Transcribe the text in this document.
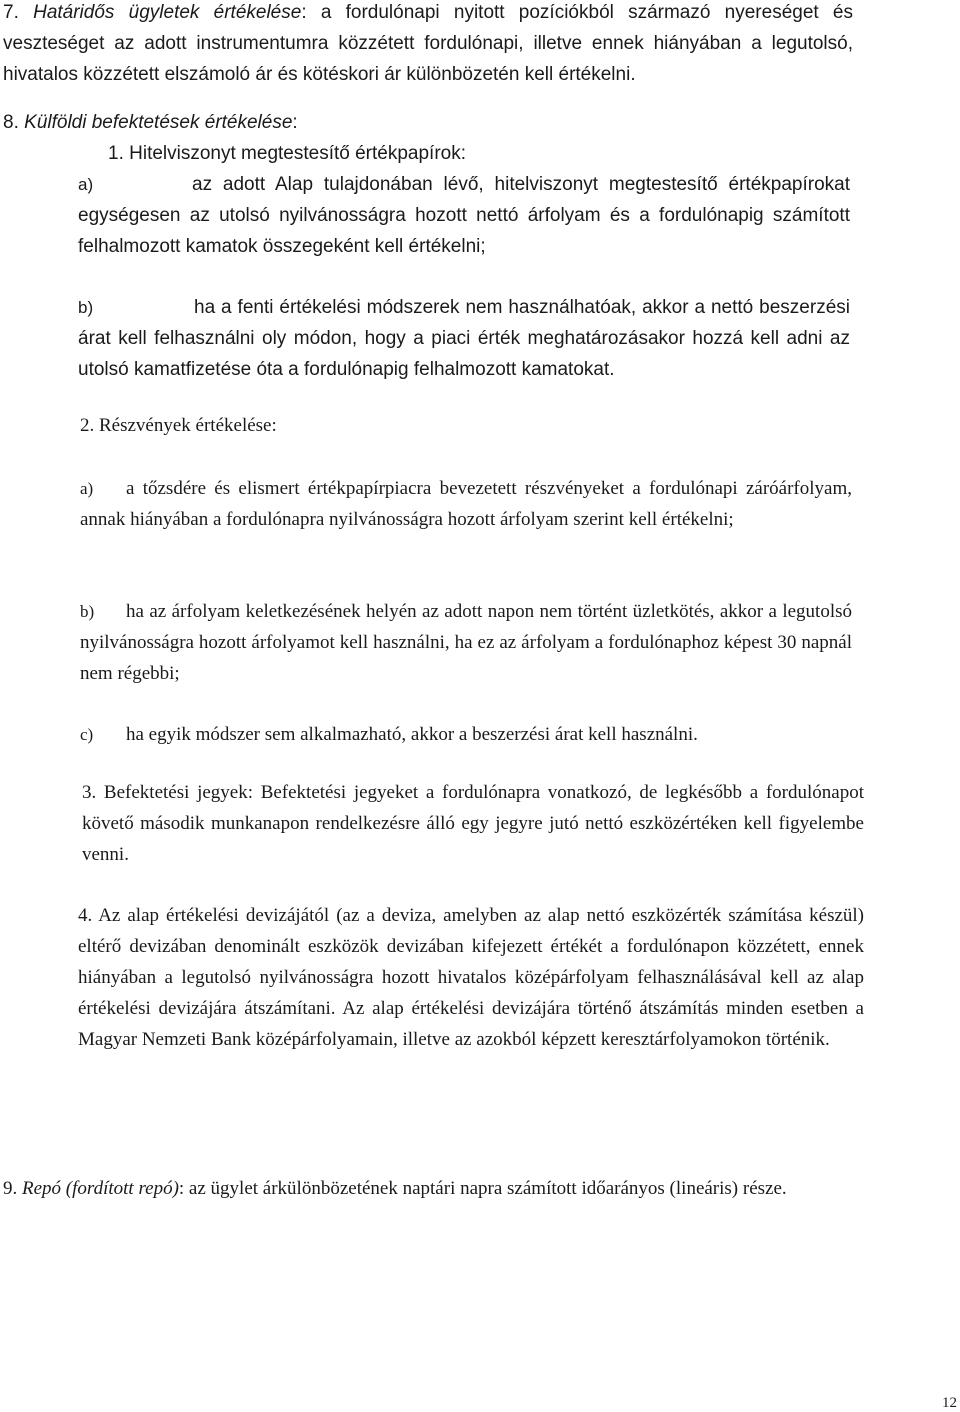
7. Határidős ügyletek értékelése: a fordulónapi nyitott pozíciókból származó nyereséget és veszteséget az adott instrumentumra közzétett fordulónapi, illetve ennek hiányában a legutolsó, hivatalos közzétett elszámoló ár és kötéskori ár különbözetén kell értékelni.

8. Külföldi befektetések értékelése:

1. Hitelviszonyt megtestesítő értékpapírok:

a)	az adott Alap tulajdonában lévő, hitelviszonyt megtestesítő értékpapírokat egységesen az utolsó nyilvánosságra hozott nettó árfolyam és a fordulónapig számított felhalmozott kamatok összegeként kell értékelni;

b)	ha a fenti értékelési módszerek nem használhatóak, akkor a nettó beszerzési árat kell felhasználni oly módon, hogy a piaci érték meghatározásakor hozzá kell adni az utolsó kamatfizetése óta a fordulónapig felhalmozott kamatokat.

2. Részvények értékelése:

a) a tőzsdére és elismert értékpapírpiacra bevezetett részvényeket a fordulónapi záróárfolyam, annak hiányában a fordulónapra nyilvánosságra hozott árfolyam szerint kell értékelni;

b) ha az árfolyam keletkezésének helyén az adott napon nem történt üzletkötés, akkor a legutolsó nyilvánosságra hozott árfolyamot kell használni, ha ez az árfolyam a fordulónaphoz képest 30 napnál nem régebbi;

c) ha egyik módszer sem alkalmazható, akkor a beszerzési árat kell használni.

3. Befektetési jegyek: Befektetési jegyeket a fordulónapra vonatkozó, de legkésőbb a fordulónapot követő második munkanapon rendelkezésre álló egy jegyre jutó nettó eszközértéken kell figyelembe venni.

4. Az alap értékelési devizájától (az a deviza, amelyben az alap nettó eszközérték számítása készül) eltérő devizában denominált eszközök devizában kifejezett értékét a fordulónapon közzétett, ennek hiányában a legutolsó nyilvánosságra hozott hivatalos középárfolyam felhasználásával kell az alap értékelési devizájára átszámítani. Az alap értékelési devizájára történő átszámítás minden esetben a Magyar Nemzeti Bank középárfolyamain, illetve az azokból képzett keresztárfolyamokon történik.

9. Repó (fordított repó): az ügylet árkülönbözetének naptári napra számított időarányos (lineáris) része.

12
